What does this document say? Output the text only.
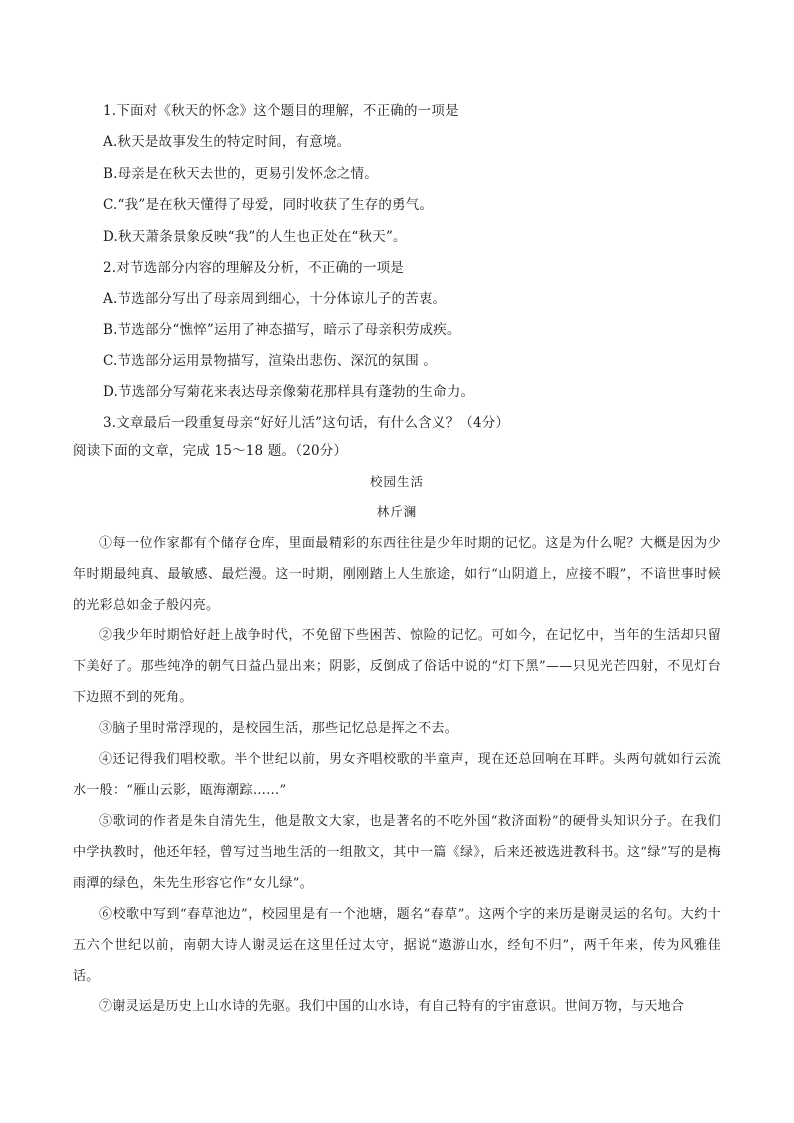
1.下面对《秋天的怀念》这个题目的理解，不正确的一项是
A.秋天是故事发生的特定时间，有意境。
B.母亲是在秋天去世的，更易引发怀念之情。
C.“我”是在秋天懂得了母爱，同时收获了生存的勇气。
D.秋天萧条景象反映“我”的人生也正处在“秋天”。
2.对节选部分内容的理解及分析，不正确的一项是
A.节选部分写出了母亲周到细心，十分体谅儿子的苦衷。
B.节选部分“憔悴”运用了神态描写，暗示了母亲积劳成疾。
C.节选部分运用景物描写，渲染出悲伤、深沉的氛围 。
D.节选部分写菊花来表达母亲像菊花那样具有蓬勃的生命力。
3.文章最后一段重复母亲“好好儿活”这句话，有什么含义？（4分）
阅读下面的文章，完成 15～18 题。（20分）
校园生活
林斤澜
①每一位作家都有个储存仓库，里面最精彩的东西往往是少年时期的记忆。这是为什么呢？大概是因为少年时期最纯真、最敏感、最烂漫。这一时期，刚刚踏上人生旅途，如行“山阴道上，应接不暇”，不谙世事时候的光彩总如金子般闪亮。
②我少年时期恰好赶上战争时代，不免留下些困苦、惊险的记忆。可如今，在记忆中，当年的生活却只留下美好了。那些纯净的朝气日益凸显出来；阴影，反倒成了俗话中说的“灯下黑”——只见光芒四射，不见灯台下边照不到的死角。
③脑子里时常浮现的，是校园生活，那些记忆总是挥之不去。
④还记得我们唱校歌。半个世纪以前，男女齐唱校歌的半童声，现在还总回响在耳畔。头两句就如行云流水一般：“雁山云影，瓯海潮踪……”
⑤歌词的作者是朱自清先生，他是散文大家，也是著名的不吃外国“救济面粉”的硬骨头知识分子。在我们中学执教时，他还年轻，曾写过当地生活的一组散文，其中一篇《绿》，后来还被选进教科书。这“绿”写的是梅雨潭的绿色，朱先生形容它作“女儿绿”。
⑥校歌中写到“春草池边”，校园里是有一个池塘，题名“春草”。这两个字的来历是谢灵运的名句。大约十五六个世纪以前，南朝大诗人谢灵运在这里任过太守，据说“遨游山水，经旬不归”，两千年来，传为风雅佳话。
⑦谢灵运是历史上山水诗的先驱。我们中国的山水诗，有自己特有的宇宙意识。世间万物，与天地合
